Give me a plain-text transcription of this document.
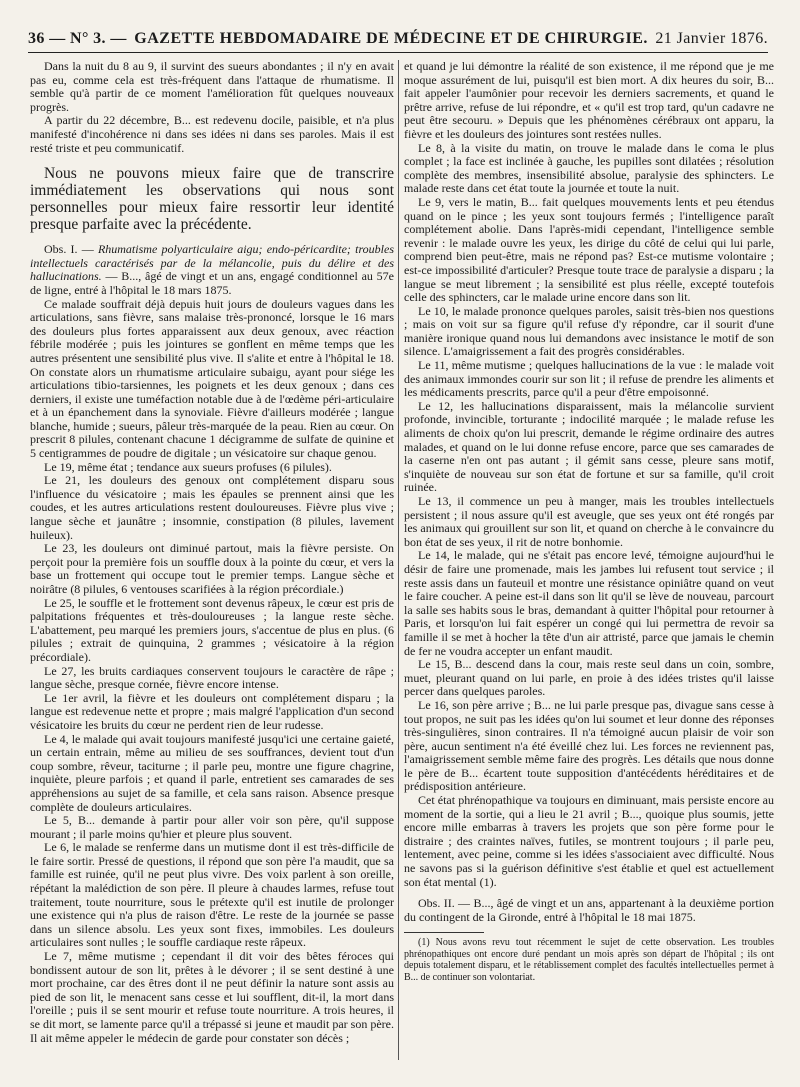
36 — N° 3. — GAZETTE HEBDOMADAIRE DE MÉDECINE ET DE CHIRURGIE. 21 Janvier 1876.

Dans la nuit du 8 au 9, il survint des sueurs abondantes ; il n'y en avait pas eu, comme cela est très-fréquent dans l'attaque de rhumatisme. Il semble qu'à partir de ce moment l'amélioration fût quelques nouveaux progrès.

A partir du 22 décembre, B... est redevenu docile, paisible, et n'a plus manifesté d'incohérence ni dans ses idées ni dans ses paroles. Mais il est resté triste et peu communicatif.

Nous ne pouvons mieux faire que de transcrire immédiatement les observations qui nous sont personnelles pour mieux faire ressortir leur identité presque parfaite avec la précédente.

Obs. I. — Rhumatisme polyarticulaire aigu; endo-péricardite; troubles intellectuels caractérisés par de la mélancolie, puis du délire et des hallucinations. — B..., âgé de vingt et un ans, engagé conditionnel au 57e de ligne, entré à l'hôpital le 18 mars 1875.

Ce malade souffrait déjà depuis huit jours de douleurs vagues dans les articulations, sans fièvre, sans malaise très-prononcé, lorsque le 16 mars des douleurs plus fortes apparaissent aux deux genoux, avec réaction fébrile modérée ; puis les jointures se gonflent en même temps que les autres présentent une sensibilité plus vive. Il s'alite et entre à l'hôpital le 18. On constate alors un rhumatisme articulaire subaigu, ayant pour siége les articulations tibio-tarsiennes, les poignets et les deux genoux ; dans ces derniers, il existe une tuméfaction notable due à de l'œdème péri-articulaire et à un épanchement dans la synoviale. Fièvre d'ailleurs modérée ; langue blanche, humide ; sueurs, pâleur très-marquée de la peau. Rien au cœur. On prescrit 8 pilules, contenant chacune 1 décigramme de sulfate de quinine et 5 centigrammes de poudre de digitale ; un vésicatoire sur chaque genou.

Le 19, même état ; tendance aux sueurs profuses (6 pilules).

Le 21, les douleurs des genoux ont complétement disparu sous l'influence du vésicatoire ; mais les épaules se prennent ainsi que les coudes, et les autres articulations restent douloureuses. Fièvre plus vive ; langue sèche et jaunâtre ; insomnie, constipation (8 pilules, lavement huileux).

Le 23, les douleurs ont diminué partout, mais la fièvre persiste. On perçoit pour la première fois un souffle doux à la pointe du cœur, et vers la base un frottement qui occupe tout le premier temps. Langue sèche et noirâtre (8 pilules, 6 ventouses scarifiées à la région précordiale.)

Le 25, le souffle et le frottement sont devenus râpeux, le cœur est pris de palpitations fréquentes et très-douloureuses ; la langue reste sèche. L'abattement, peu marqué les premiers jours, s'accentue de plus en plus. (6 pilules ; extrait de quinquina, 2 grammes ; vésicatoire à la région précordiale).

Le 27, les bruits cardiaques conservent toujours le caractère de râpe ; langue sèche, presque cornée, fièvre encore intense.

Le 1er avril, la fièvre et les douleurs ont complétement disparu ; la langue est redevenue nette et propre ; mais malgré l'application d'un second vésicatoire les bruits du cœur ne perdent rien de leur rudesse.

Le 4, le malade qui avait toujours manifesté jusqu'ici une certaine gaieté, un certain entrain, même au milieu de ses souffrances, devient tout d'un coup sombre, rêveur, taciturne ; il parle peu, montre une figure chagrine, inquiète, pleure parfois ; et quand il parle, entretient ses camarades de ses appréhensions au sujet de sa famille, et cela sans raison. Absence presque complète de douleurs articulaires.

Le 5, B... demande à partir pour aller voir son père, qu'il suppose mourant ; il parle moins qu'hier et pleure plus souvent.

Le 6, le malade se renferme dans un mutisme dont il est très-difficile de le faire sortir. Pressé de questions, il répond que son père l'a maudit, que sa famille est ruinée, qu'il ne peut plus vivre. Des voix parlent à son oreille, répétant la malédiction de son père. Il pleure à chaudes larmes, refuse tout traitement, toute nourriture, sous le prétexte qu'il est inutile de prolonger une existence qui n'a plus de raison d'être. Le reste de la journée se passe dans un silence absolu. Les yeux sont fixes, immobiles. Les douleurs articulaires sont nulles ; le souffle cardiaque reste râpeux.

Le 7, même mutisme ; cependant il dit voir des bêtes féroces qui bondissent autour de son lit, prêtes à le dévorer ; il se sent destiné à une mort prochaine, car des êtres dont il ne peut définir la nature sont assis au pied de son lit, le menacent sans cesse et lui soufflent, dit-il, la mort dans l'oreille ; puis il se sent mourir et refuse toute nourriture. A trois heures, il se dit mort, se lamente parce qu'il a trépassé si jeune et maudit par son père. Il ait même appeler le médecin de garde pour constater son décès ;

et quand je lui démontre la réalité de son existence, il me répond que je me moque assurément de lui, puisqu'il est bien mort. A dix heures du soir, B... fait appeler l'aumônier pour recevoir les derniers sacrements, et quand le prêtre arrive, refuse de lui répondre, et « qu'il est trop tard, qu'un cadavre ne peut être secouru. » Depuis que les phénomènes cérébraux ont apparu, la fièvre et les douleurs des jointures sont restées nulles.

Le 8, à la visite du matin, on trouve le malade dans le coma le plus complet ; la face est inclinée à gauche, les pupilles sont dilatées ; résolution complète des membres, insensibilité absolue, paralysie des sphincters. Le malade reste dans cet état toute la journée et toute la nuit.

Le 9, vers le matin, B... fait quelques mouvements lents et peu étendus quand on le pince ; les yeux sont toujours fermés ; l'intelligence paraît complétement abolie. Dans l'après-midi cependant, l'intelligence semble revenir : le malade ouvre les yeux, les dirige du côté de celui qui lui parle, comprend bien peut-être, mais ne répond pas? Est-ce mutisme volontaire ; est-ce impossibilité d'articuler? Presque toute trace de paralysie a disparu ; la langue se meut librement ; la sensibilité est plus réelle, excepté toutefois celle des sphincters, car le malade urine encore dans son lit.

Le 10, le malade prononce quelques paroles, saisit très-bien nos questions ; mais on voit sur sa figure qu'il refuse d'y répondre, car il sourit d'une manière ironique quand nous lui demandons avec insistance le motif de son silence. L'amaigrissement a fait des progrès considérables.

Le 11, même mutisme ; quelques hallucinations de la vue : le malade voit des animaux immondes courir sur son lit ; il refuse de prendre les aliments et les médicaments prescrits, parce qu'il a peur d'être empoisonné.

Le 12, les hallucinations disparaissent, mais la mélancolie survient profonde, invincible, torturante ; indocilité marquée ; le malade refuse les aliments de choix qu'on lui prescrit, demande le régime ordinaire des autres malades, et quand on le lui donne refuse encore, parce que ses camarades de la caserne n'en ont pas autant ; il gémit sans cesse, pleure sans motif, s'inquiète de nouveau sur son état de fortune et sur sa famille, qu'il croit ruinée.

Le 13, il commence un peu à manger, mais les troubles intellectuels persistent ; il nous assure qu'il est aveugle, que ses yeux ont été rongés par les animaux qui grouillent sur son lit, et quand on cherche à le convaincre du bon état de ses yeux, il rit de notre bonhomie.

Le 14, le malade, qui ne s'était pas encore levé, témoigne aujourd'hui le désir de faire une promenade, mais les jambes lui refusent tout service ; il reste assis dans un fauteuil et montre une résistance opiniâtre quand on veut le faire coucher. A peine est-il dans son lit qu'il se lève de nouveau, parcourt la salle ses habits sous le bras, demandant à quitter l'hôpital pour retourner à Paris, et lorsqu'on lui fait espérer un congé qui lui permettra de revoir sa famille il se met à hocher la tête d'un air attristé, parce que jamais le chemin de fer ne voudra accepter un enfant maudit.

Le 15, B... descend dans la cour, mais reste seul dans un coin, sombre, muet, pleurant quand on lui parle, en proie à des idées tristes qu'il laisse percer dans quelques paroles.

Le 16, son père arrive ; B... ne lui parle presque pas, divague sans cesse à tout propos, ne suit pas les idées qu'on lui soumet et leur donne des réponses très-singulières, sinon contraires. Il n'a témoigné aucun plaisir de voir son père, aucun sentiment n'a été éveillé chez lui. Les forces ne reviennent pas, l'amaigrissement semble même faire des progrès. Les détails que nous donne le père de B... écartent toute supposition d'antécédents héréditaires et de prédisposition antérieure.

Cet état phrénopathique va toujours en diminuant, mais persiste encore au moment de la sortie, qui a lieu le 21 avril ; B..., quoique plus soumis, jette encore mille embarras à travers les projets que son père forme pour le distraire ; des craintes naïves, futiles, se montrent toujours ; il parle peu, lentement, avec peine, comme si les idées s'associaient avec difficulté. Nous ne savons pas si la guérison définitive s'est établie et quel est actuellement son état mental (1).

Obs. II. — B..., âgé de vingt et un ans, appartenant à la deuxième portion du contingent de la Gironde, entré à l'hôpital le 18 mai 1875.

(1) Nous avons revu tout récemment le sujet de cette observation. Les troubles phrénopathiques ont encore duré pendant un mois après son départ de l'hôpital ; ils ont depuis totalement disparu, et le rétablissement complet des facultés intellectuelles permet à B... de continuer son volontariat.
